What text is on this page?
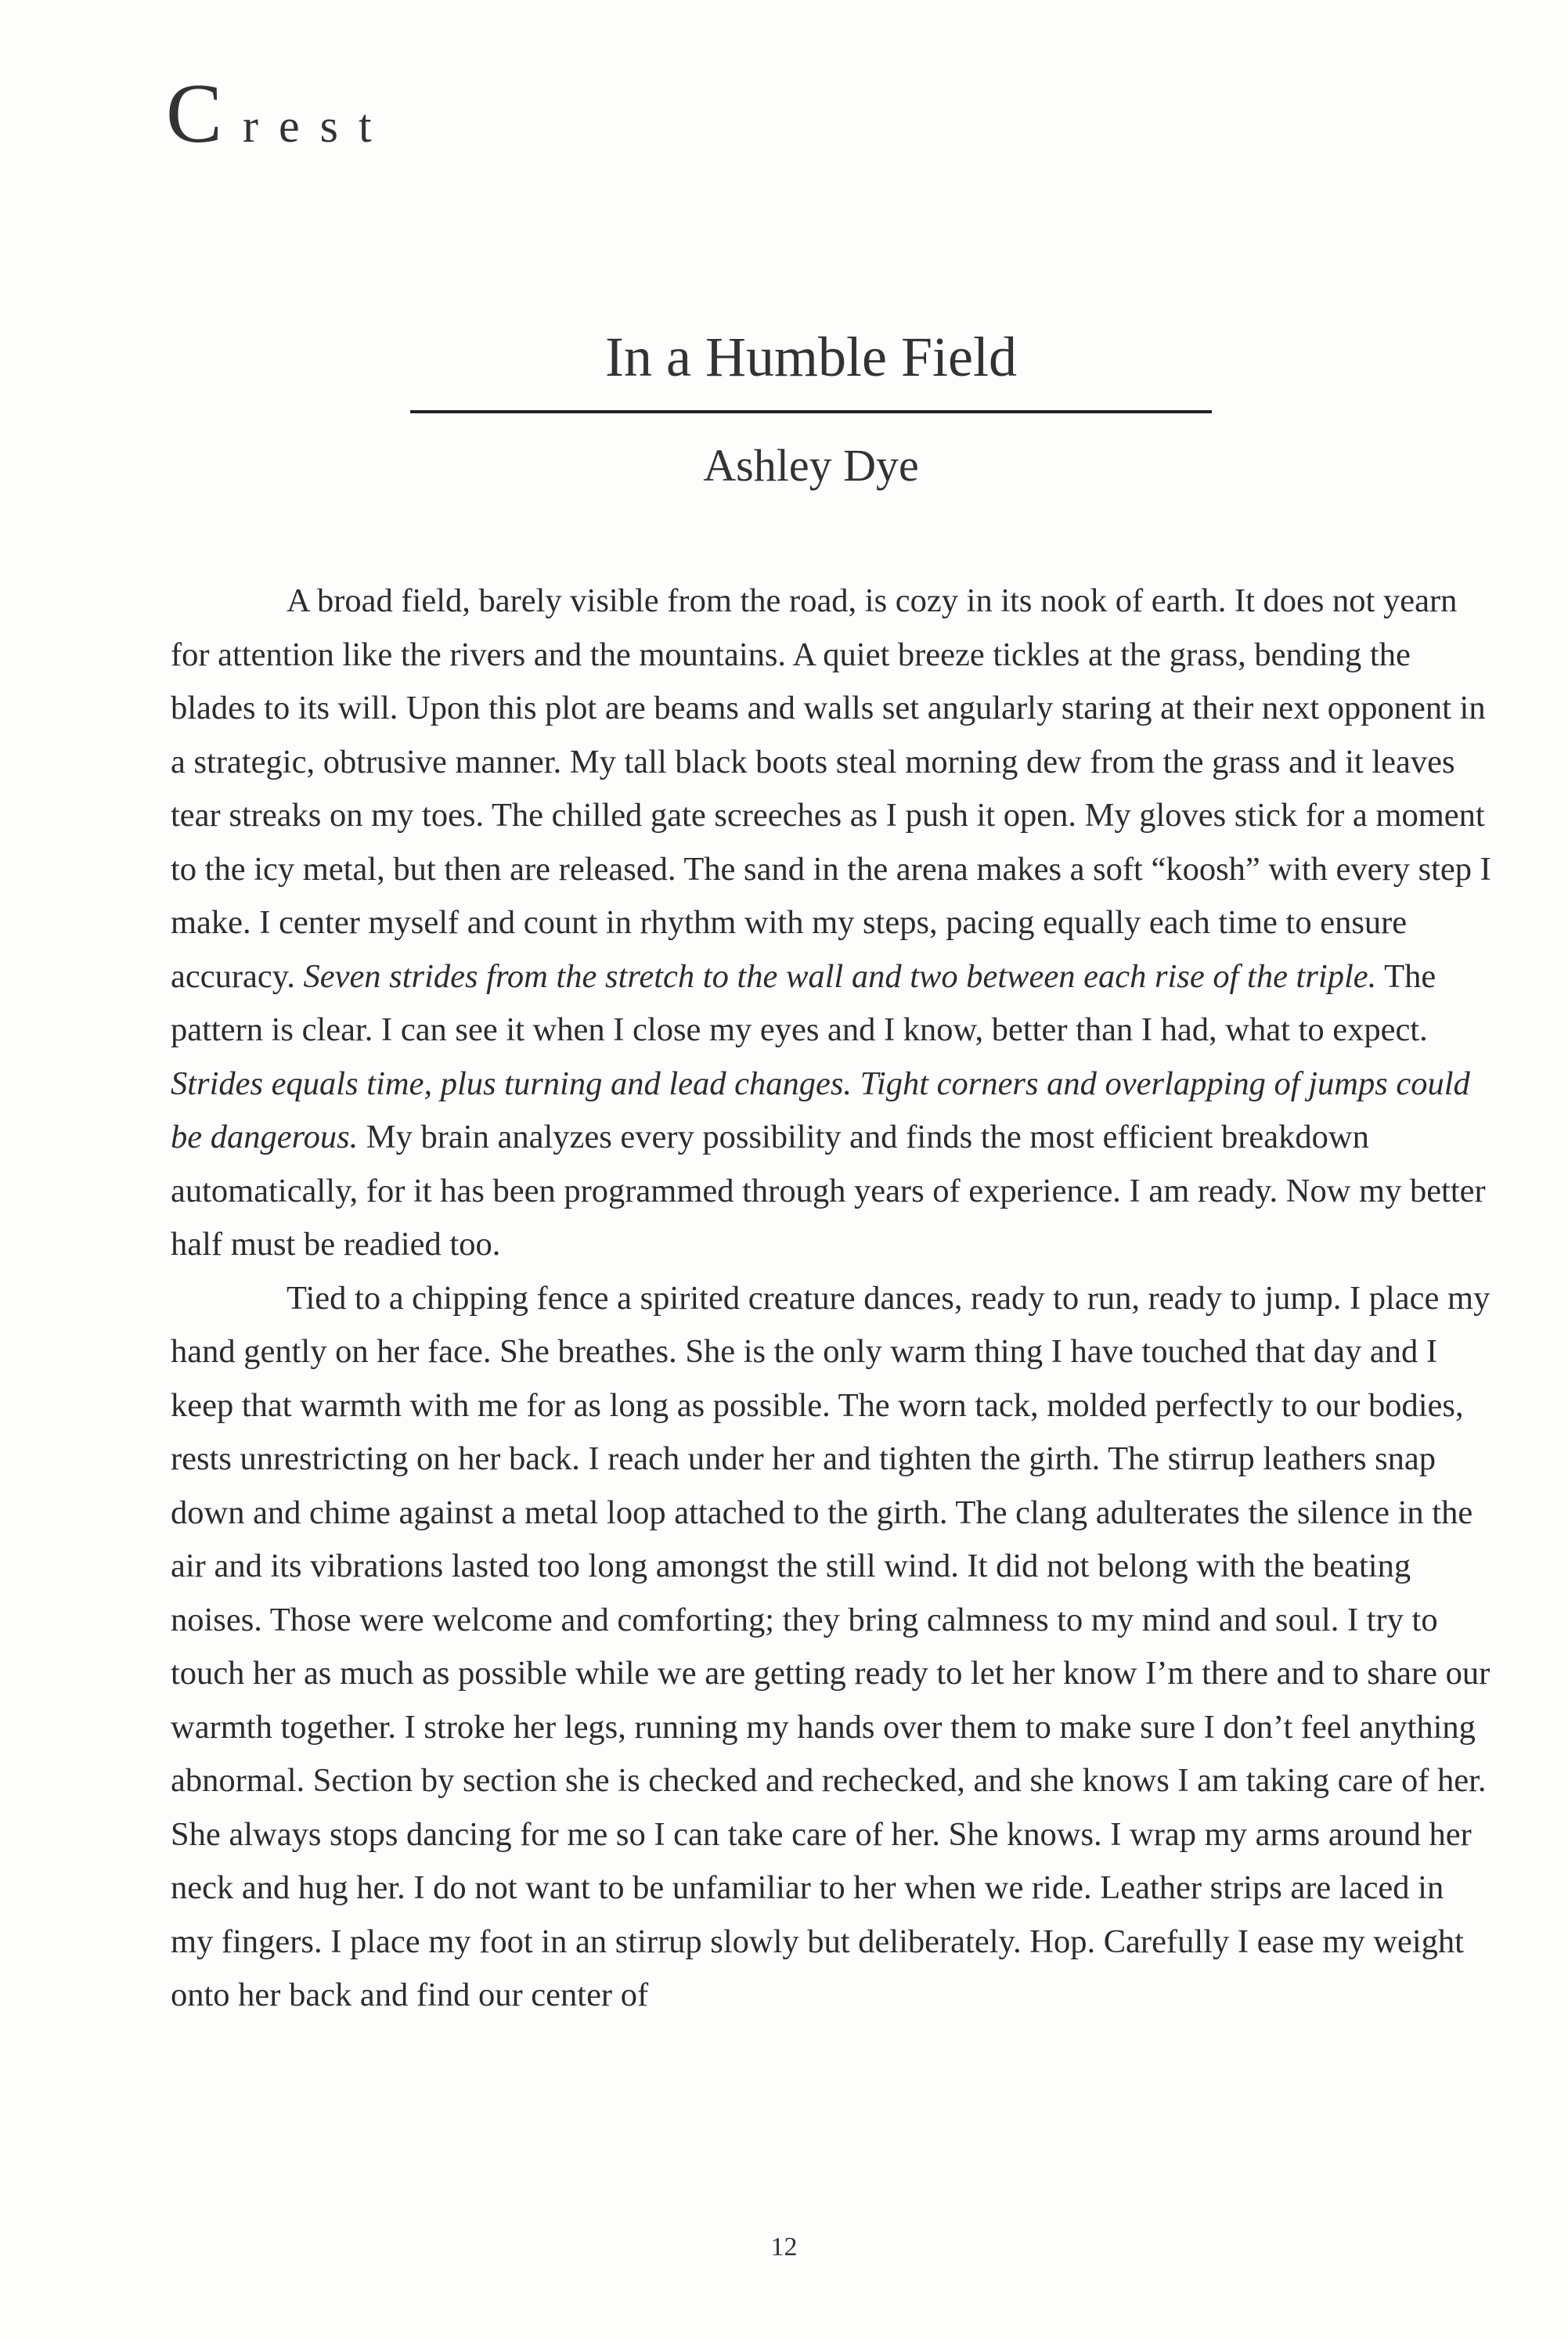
Crest
In a Humble Field
Ashley Dye

A broad field, barely visible from the road, is cozy in its nook of earth. It does not yearn for attention like the rivers and the mountains. A quiet breeze tickles at the grass, bending the blades to its will. Upon this plot are beams and walls set angularly staring at their next opponent in a strategic, obtrusive manner. My tall black boots steal morning dew from the grass and it leaves tear streaks on my toes. The chilled gate screeches as I push it open. My gloves stick for a moment to the icy metal, but then are released. The sand in the arena makes a soft “koosh” with every step I make. I center myself and count in rhythm with my steps, pacing equally each time to ensure accuracy. Seven strides from the stretch to the wall and two between each rise of the triple. The pattern is clear. I can see it when I close my eyes and I know, better than I had, what to expect. Strides equals time, plus turning and lead changes. Tight corners and overlapping of jumps could be dangerous. My brain analyzes every possibility and finds the most efficient breakdown automatically, for it has been programmed through years of experience. I am ready. Now my better half must be readied too.

Tied to a chipping fence a spirited creature dances, ready to run, ready to jump. I place my hand gently on her face. She breathes. She is the only warm thing I have touched that day and I keep that warmth with me for as long as possible. The worn tack, molded perfectly to our bodies, rests unrestricting on her back. I reach under her and tighten the girth. The stirrup leathers snap down and chime against a metal loop attached to the girth. The clang adulterates the silence in the air and its vibrations lasted too long amongst the still wind. It did not belong with the beating noises. Those were welcome and comforting; they bring calmness to my mind and soul. I try to touch her as much as possible while we are getting ready to let her know I’m there and to share our warmth together. I stroke her legs, running my hands over them to make sure I don’t feel anything abnormal. Section by section she is checked and rechecked, and she knows I am taking care of her. She always stops dancing for me so I can take care of her. She knows. I wrap my arms around her neck and hug her. I do not want to be unfamiliar to her when we ride. Leather strips are laced in my fingers. I place my foot in an stirrup slowly but deliberately. Hop. Carefully I ease my weight onto her back and find our center of

12
